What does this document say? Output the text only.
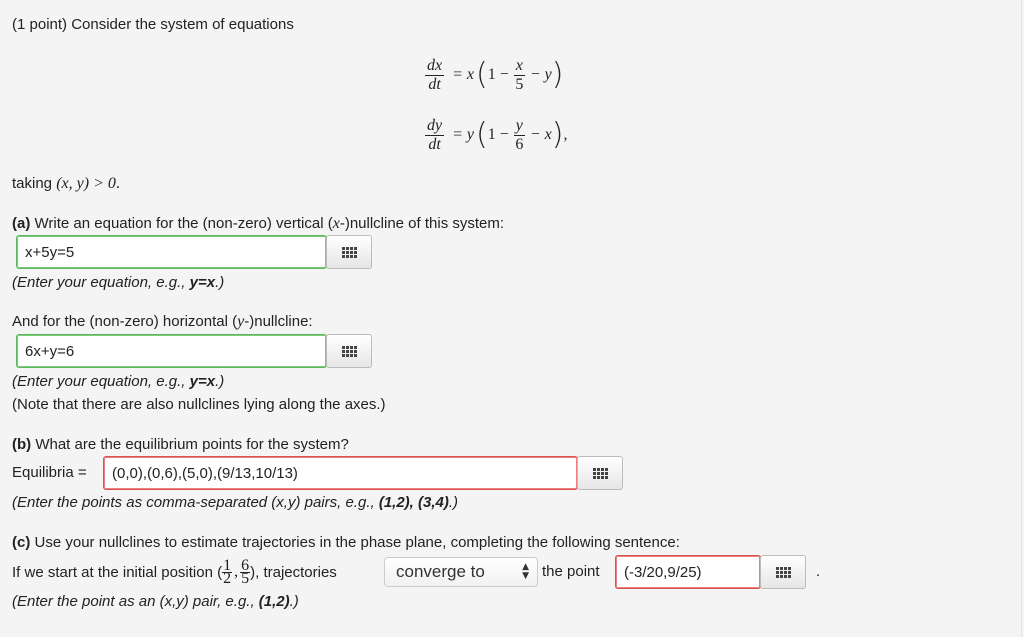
(1 point) Consider the system of equations
$\frac{dx}{dt} = x$ ( $1 - \frac{x}{5} - y$ )
$\frac{dy}{dt} = y$ ( $1 - \frac{y}{6} - x$ ) ,
taking (x, y) > 0.
(a) Write an equation for the (non-zero) vertical (x-)nullcline of this system:
x+5y=5
(Enter your equation, e.g., y=x.)
And for the (non-zero) horizontal (y-)nullcline:
6x+y=6
(Enter your equation, e.g., y=x.)
(Note that there are also nullclines lying along the axes.)
(b) What are the equilibrium points for the system?
Equilibria = (0,0),(0,6),(5,0),(9/13,10/13)
(Enter the points as comma-separated (x,y) pairs, e.g., (1,2), (3,4).)
(c) Use your nullclines to estimate trajectories in the phase plane, completing the following sentence:
If we start at the initial position ( $\frac{1}{2}$ , $\frac{6}{5}$ ), trajectories	converge to	▲
▼ the point (-3/20,9/25)	.
(Enter the point as an (x,y) pair, e.g., (1,2).)
